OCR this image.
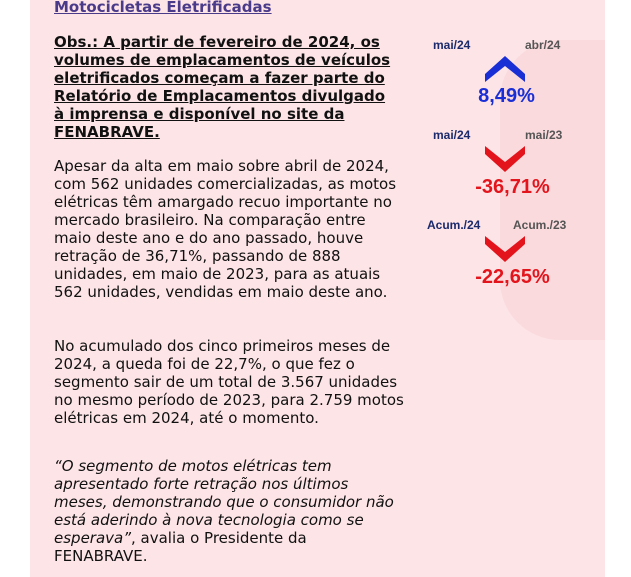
Motocicletas Eletrificadas

Obs.: A partir de fevereiro de 2024, os volumes de emplacamentos de veículos eletrificados começam a fazer parte do Relatório de Emplacamentos divulgado à imprensa e disponível no site da FENABRAVE.

Apesar da alta em maio sobre abril de 2024, com 562 unidades comercializadas, as motos elétricas têm amargado recuo importante no mercado brasileiro. Na comparação entre maio deste ano e do ano passado, houve retração de 36,71%, passando de 888 unidades, em maio de 2023, para as atuais 562 unidades, vendidas em maio deste ano.

No acumulado dos cinco primeiros meses de 2024, a queda foi de 22,7%, o que fez o segmento sair de um total de 3.567 unidades no mesmo período de 2023, para 2.759 motos elétricas em 2024, até o momento.

“O segmento de motos elétricas tem apresentado forte retração nos últimos meses, demonstrando que o consumidor não está aderindo à nova tecnologia como se esperava”, avalia o Presidente da FENABRAVE.

mai/24	abr/24
8,49%
mai/24	mai/23
-36,71%
Acum./24	Acum./23
-22,65%
